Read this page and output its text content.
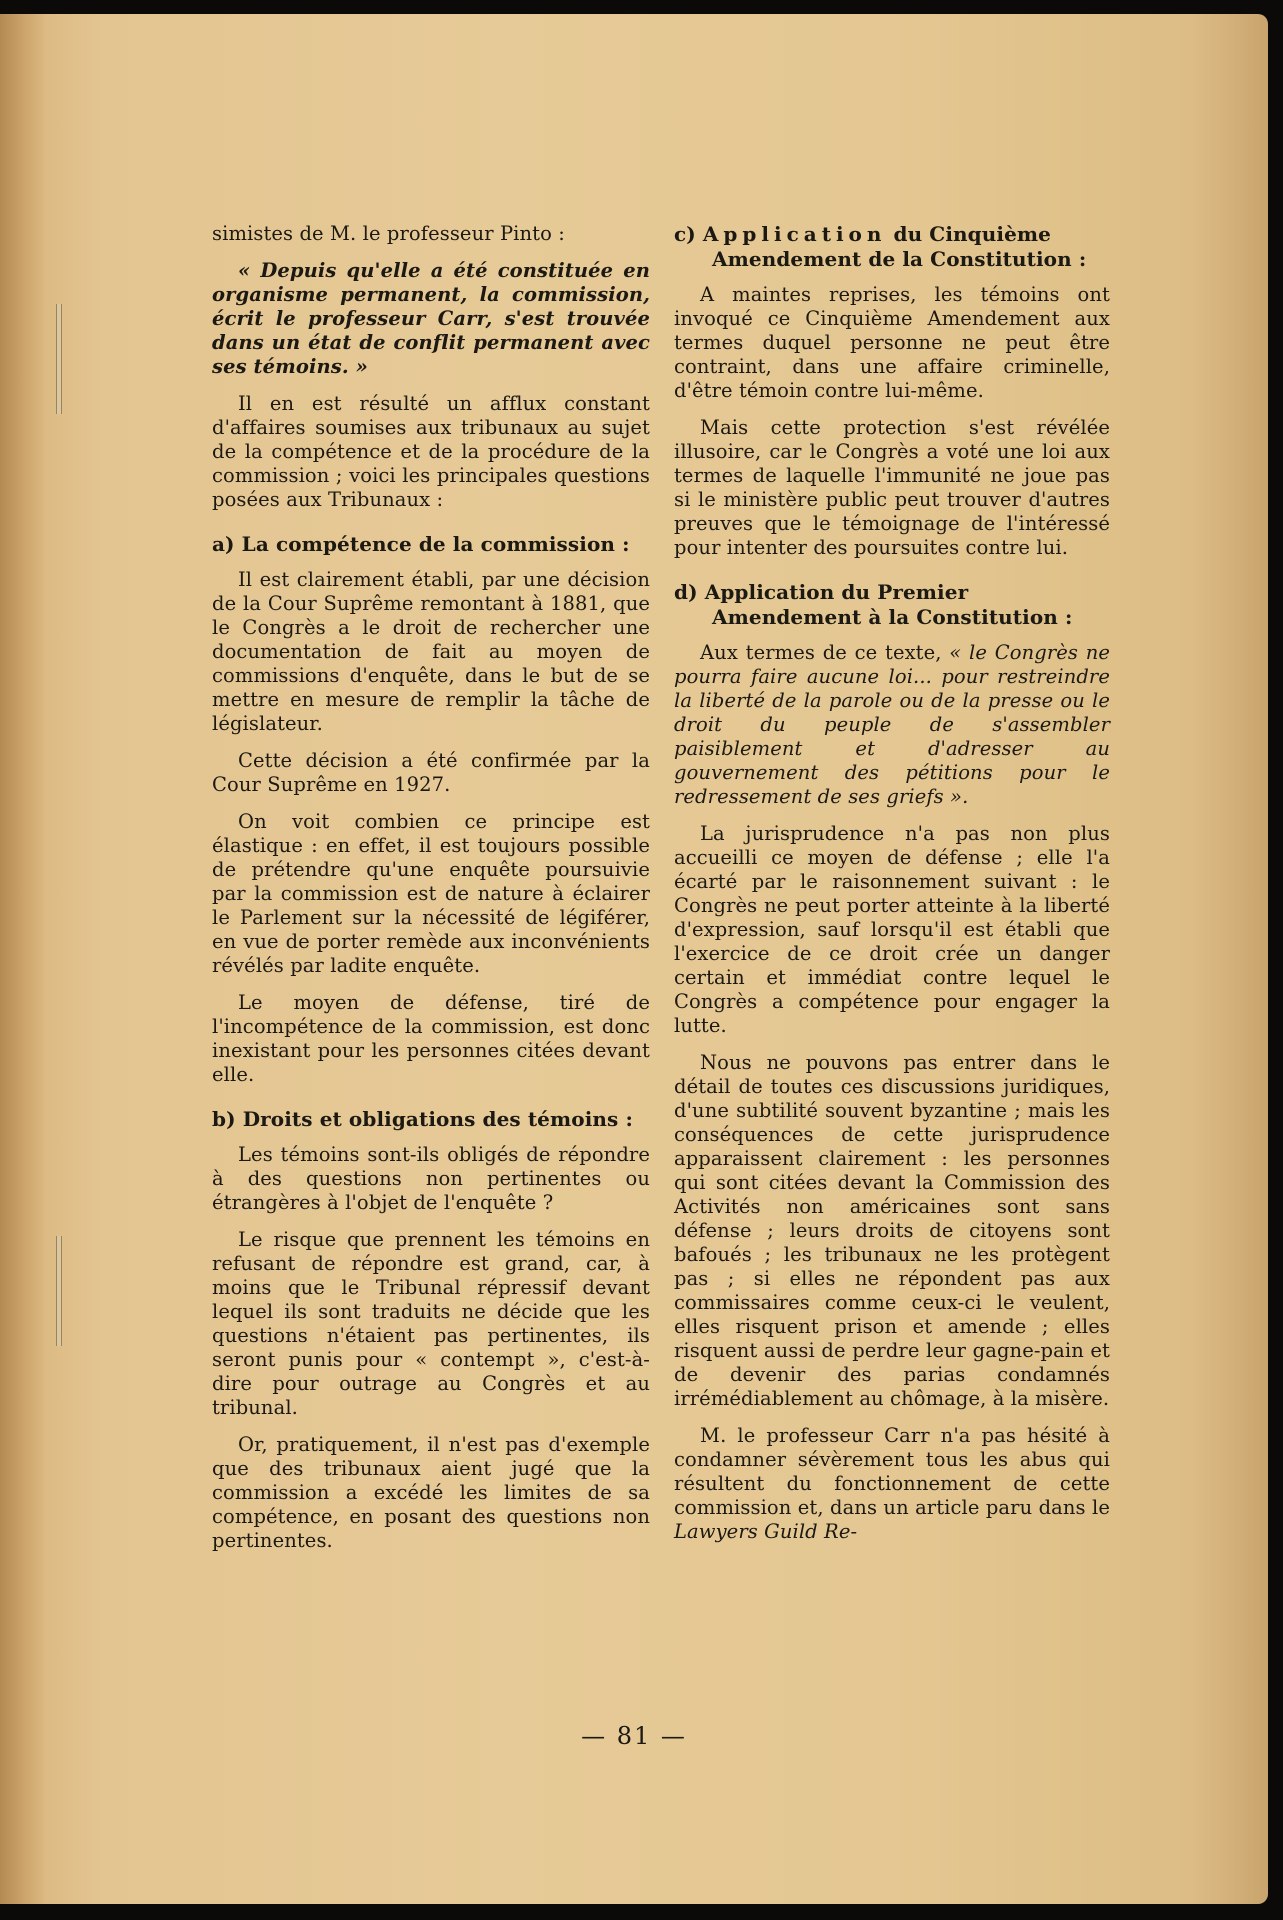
simistes de M. le professeur Pinto :

« Depuis qu'elle a été constituée en organisme permanent, la commission, écrit le professeur Carr, s'est trouvée dans un état de conflit permanent avec ses témoins. »

Il en est résulté un afflux constant d'affaires soumises aux tribunaux au sujet de la compétence et de la procédure de la commission ; voici les principales questions posées aux Tribunaux :

a) La compétence de la commission :

Il est clairement établi, par une décision de la Cour Suprême remontant à 1881, que le Congrès a le droit de rechercher une documentation de fait au moyen de commissions d'enquête, dans le but de se mettre en mesure de remplir la tâche de législateur.

Cette décision a été confirmée par la Cour Suprême en 1927.

On voit combien ce principe est élastique : en effet, il est toujours possible de prétendre qu'une enquête poursuivie par la commission est de nature à éclairer le Parlement sur la nécessité de légiférer, en vue de porter remède aux inconvénients révélés par ladite enquête.

Le moyen de défense, tiré de l'incompétence de la commission, est donc inexistant pour les personnes citées devant elle.

b) Droits et obligations des témoins :

Les témoins sont-ils obligés de répondre à des questions non pertinentes ou étrangères à l'objet de l'enquête ?

Le risque que prennent les témoins en refusant de répondre est grand, car, à moins que le Tribunal répressif devant lequel ils sont traduits ne décide que les questions n'étaient pas pertinentes, ils seront punis pour « contempt », c'est-à-dire pour outrage au Congrès et au tribunal.

Or, pratiquement, il n'est pas d'exemple que des tribunaux aient jugé que la commission a excédé les limites de sa compétence, en posant des questions non pertinentes.

c) Application du Cinquième Amendement de la Constitution :

A maintes reprises, les témoins ont invoqué ce Cinquième Amendement aux termes duquel personne ne peut être contraint, dans une affaire criminelle, d'être témoin contre lui-même.

Mais cette protection s'est révélée illusoire, car le Congrès a voté une loi aux termes de laquelle l'immunité ne joue pas si le ministère public peut trouver d'autres preuves que le témoignage de l'intéressé pour intenter des poursuites contre lui.

d) Application du Premier Amendement à la Constitution :

Aux termes de ce texte, « le Congrès ne pourra faire aucune loi... pour restreindre la liberté de la parole ou de la presse ou le droit du peuple de s'assembler paisiblement et d'adresser au gouvernement des pétitions pour le redressement de ses griefs ».

La jurisprudence n'a pas non plus accueilli ce moyen de défense ; elle l'a écarté par le raisonnement suivant : le Congrès ne peut porter atteinte à la liberté d'expression, sauf lorsqu'il est établi que l'exercice de ce droit crée un danger certain et immédiat contre lequel le Congrès a compétence pour engager la lutte.

Nous ne pouvons pas entrer dans le détail de toutes ces discussions juridiques, d'une subtilité souvent byzantine ; mais les conséquences de cette jurisprudence apparaissent clairement : les personnes qui sont citées devant la Commission des Activités non américaines sont sans défense ; leurs droits de citoyens sont bafoués ; les tribunaux ne les protègent pas ; si elles ne répondent pas aux commissaires comme ceux-ci le veulent, elles risquent prison et amende ; elles risquent aussi de perdre leur gagne-pain et de devenir des parias condamnés irrémédiablement au chômage, à la misère.

M. le professeur Carr n'a pas hésité à condamner sévèrement tous les abus qui résultent du fonctionnement de cette commission et, dans un article paru dans le Lawyers Guild Re-

— 81 —
